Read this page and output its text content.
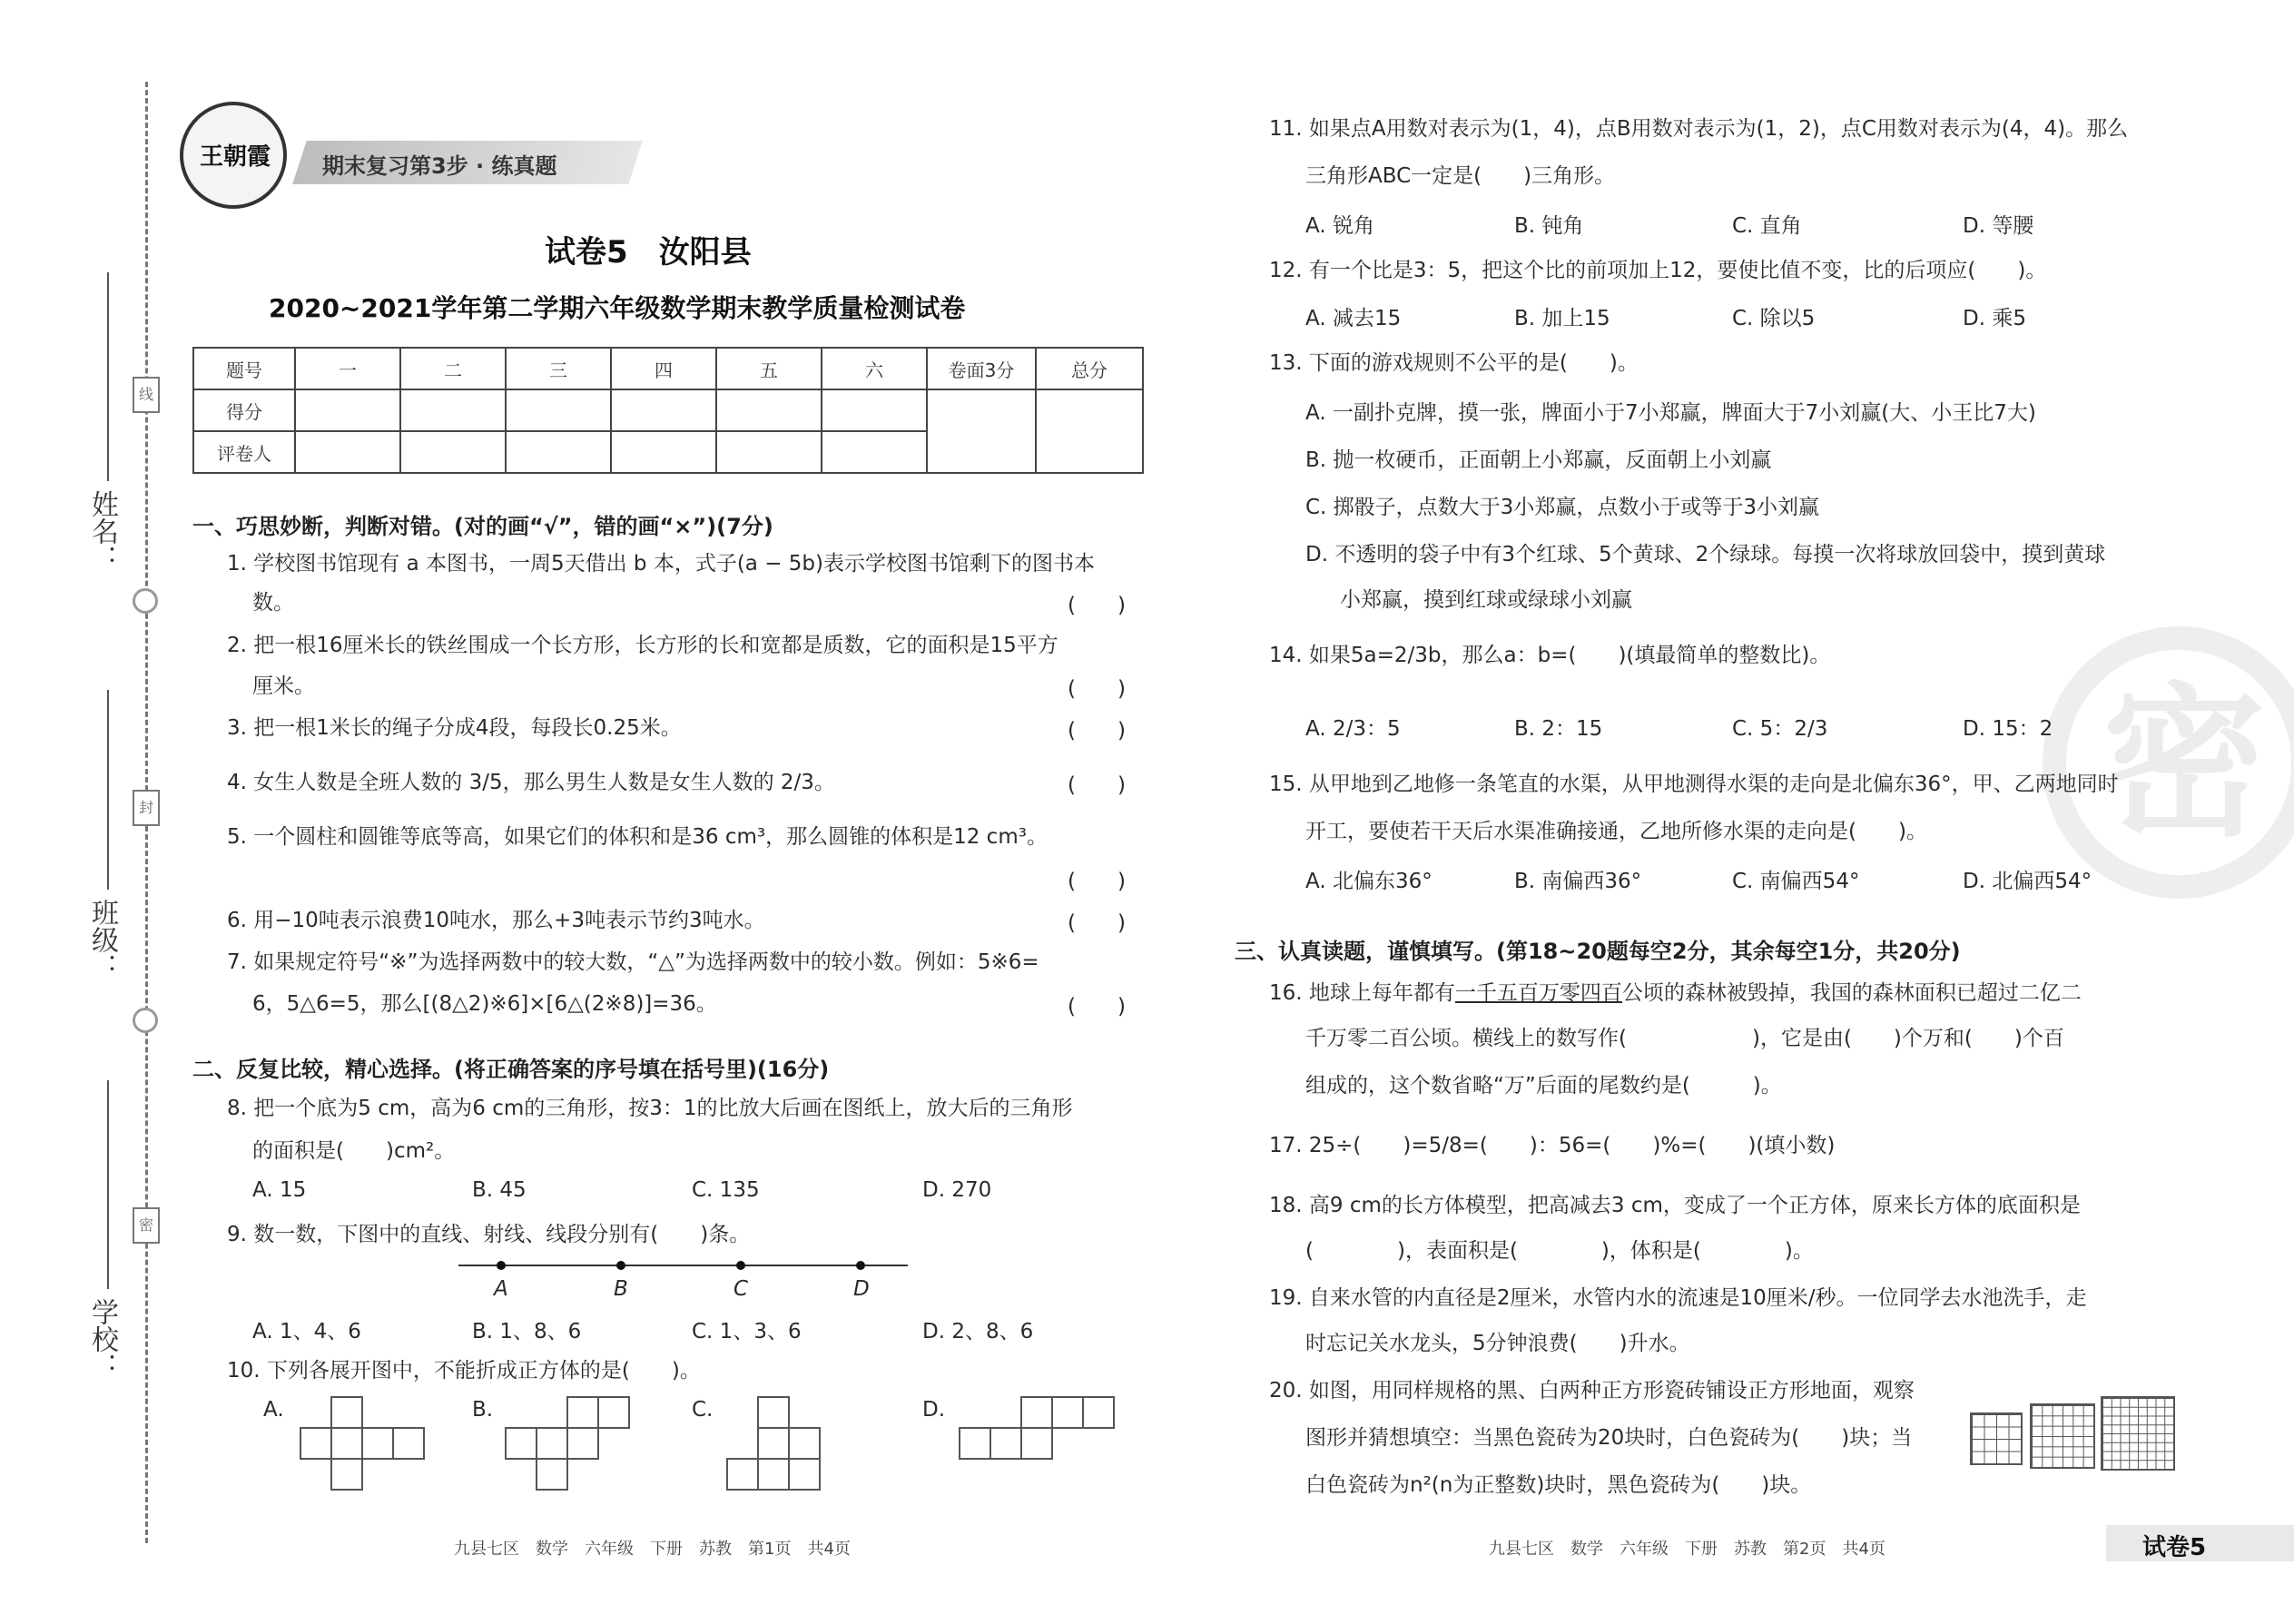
姓名：
班级：
学校：
线
封
密
王朝霞	期末复习第3步 · 练真题
试卷5　汝阳县
2020~2021学年第二学期六年级数学期末教学质量检测试卷
题号	一	二	三	四	五	六	卷面3分	总分
得分								
评卷人								
一、巧思妙断，判断对错。(对的画“√”，错的画“×”)(7分)
1. 学校图书馆现有 a 本图书，一周5天借出 b 本，式子(a − 5b)表示学校图书馆剩下的图书本
数。	(　　)
2. 把一根16厘米长的铁丝围成一个长方形，长方形的长和宽都是质数，它的面积是15平方
厘米。	(　　)
3. 把一根1米长的绳子分成4段，每段长0.25米。	(　　)
4. 女生人数是全班人数的 3/5，那么男生人数是女生人数的 2/3。	(　　)
5. 一个圆柱和圆锥等底等高，如果它们的体积和是36 cm³，那么圆锥的体积是12 cm³。
(　　)
6. 用−10吨表示浪费10吨水，那么+3吨表示节约3吨水。	(　　)
7. 如果规定符号“※”为选择两数中的较大数，“△”为选择两数中的较小数。例如：5※6=
6，5△6=5，那么[(8△2)※6]×[6△(2※8)]=36。	(　　)
二、反复比较，精心选择。(将正确答案的序号填在括号里)(16分)
8. 把一个底为5 cm，高为6 cm的三角形，按3：1的比放大后画在图纸上，放大后的三角形
的面积是(　　)cm²。
A. 15	B. 45	C. 135	D. 270
9. 数一数，下图中的直线、射线、线段分别有(　　)条。
A	B	C	D
A. 1、4、6	B. 1、8、6	C. 1、3、6	D. 2、8、6
10. 下列各展开图中，不能折成正方体的是(　　)。
A.	B.	C.	D.
九县七区　数学　六年级　下册　苏教　第1页　共4页
密
11. 如果点A用数对表示为(1，4)，点B用数对表示为(1，2)，点C用数对表示为(4，4)。那么
三角形ABC一定是(　　)三角形。
A. 锐角	B. 钝角	C. 直角	D. 等腰
12. 有一个比是3：5，把这个比的前项加上12，要使比值不变，比的后项应(　　)。
A. 减去15	B. 加上15	C. 除以5	D. 乘5
13. 下面的游戏规则不公平的是(　　)。
A. 一副扑克牌，摸一张，牌面小于7小郑赢，牌面大于7小刘赢(大、小王比7大)
B. 抛一枚硬币，正面朝上小郑赢，反面朝上小刘赢
C. 掷骰子，点数大于3小郑赢，点数小于或等于3小刘赢
D. 不透明的袋子中有3个红球、5个黄球、2个绿球。每摸一次将球放回袋中，摸到黄球
小郑赢，摸到红球或绿球小刘赢
14. 如果5a=2/3b，那么a：b=(　　)(填最简单的整数比)。
A. 2/3：5	B. 2：15	C. 5：2/3	D. 15：2
15. 从甲地到乙地修一条笔直的水渠，从甲地测得水渠的走向是北偏东36°，甲、乙两地同时
开工，要使若干天后水渠准确接通，乙地所修水渠的走向是(　　)。
A. 北偏东36°	B. 南偏西36°	C. 南偏西54°	D. 北偏西54°
三、认真读题，谨慎填写。(第18~20题每空2分，其余每空1分，共20分)
16. 地球上每年都有一千五百万零四百公顷的森林被毁掉，我国的森林面积已超过二亿二
千万零二百公顷。横线上的数写作(　　　　　　)，它是由(　　)个万和(　　)个百
组成的，这个数省略“万”后面的尾数约是(　　　)。
17. 25÷(　　)=5/8=(　　)：56=(　　)%=(　　)(填小数)
18. 高9 cm的长方体模型，把高减去3 cm，变成了一个正方体，原来长方体的底面积是
(　　　　)，表面积是(　　　　)，体积是(　　　　)。
19. 自来水管的内直径是2厘米，水管内水的流速是10厘米/秒。一位同学去水池洗手，走
时忘记关水龙头，5分钟浪费(　　)升水。
20. 如图，用同样规格的黑、白两种正方形瓷砖铺设正方形地面，观察
图形并猜想填空：当黑色瓷砖为20块时，白色瓷砖为(　　)块；当
白色瓷砖为n²(n为正整数)块时，黑色瓷砖为(　　)块。
九县七区　数学　六年级　下册　苏教　第2页　共4页	试卷5
